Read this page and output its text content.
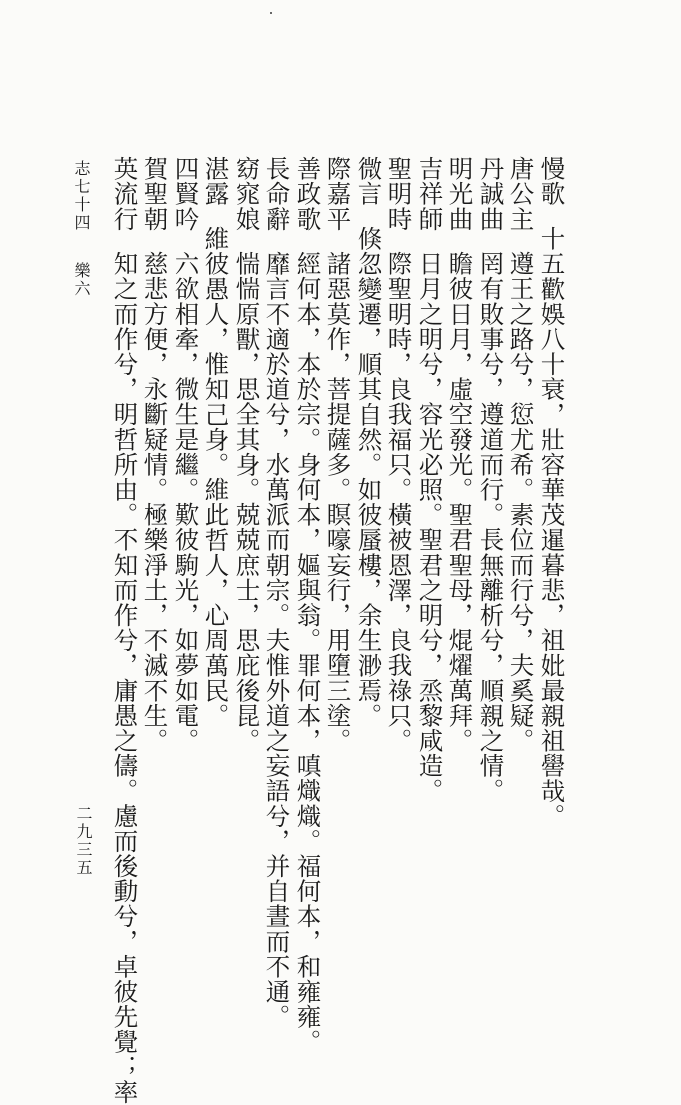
慢歌十五歡娛八十衰，壯容華茂暹暮悲，祖妣最親祖嚳哉。
唐公主遵王之路兮，愆尤希。素位而行兮，夫奚疑。
丹誠曲罔有敗事兮，遵道而行。長無離析兮，順親之情。
明光曲瞻彼日月，虛空發光。聖君聖母，焜燿萬拜。
吉祥師日月之明兮，容光必照。聖君之明兮，烝黎咸造。
聖明時際聖明時，良我福只。橫被恩澤，良我祿只。
微言倏忽變遷，順其自然。如彼蜃樓，余生渺焉。
際嘉平諸惡莫作，菩提薩多。瞑嚎妄行，用墮三塗。
善政歌經何本，本於宗。身何本，嫗與翁。罪何本，嗔熾熾。福何本，和雍雍。
長命辭靡言不適於道兮，水萬派而朝宗。夫惟外道之妄語兮，并自晝而不通。
窈窕娘惴惴原獸，思全其身。兢兢庶士，思庇後昆。
湛露維彼愚人，惟知己身。維此哲人，心周萬民。
四賢吟六欲相牽，微生是繼。歎彼駒光，如夢如電。
賀聖朝慈悲方便，永斷疑情。極樂淨土，不滅不生。
英流行知之而作兮，明哲所由。不知而作兮，庸愚之儔。慮而後動兮，卓彼先覺；率
志七十四樂六
二九三五
